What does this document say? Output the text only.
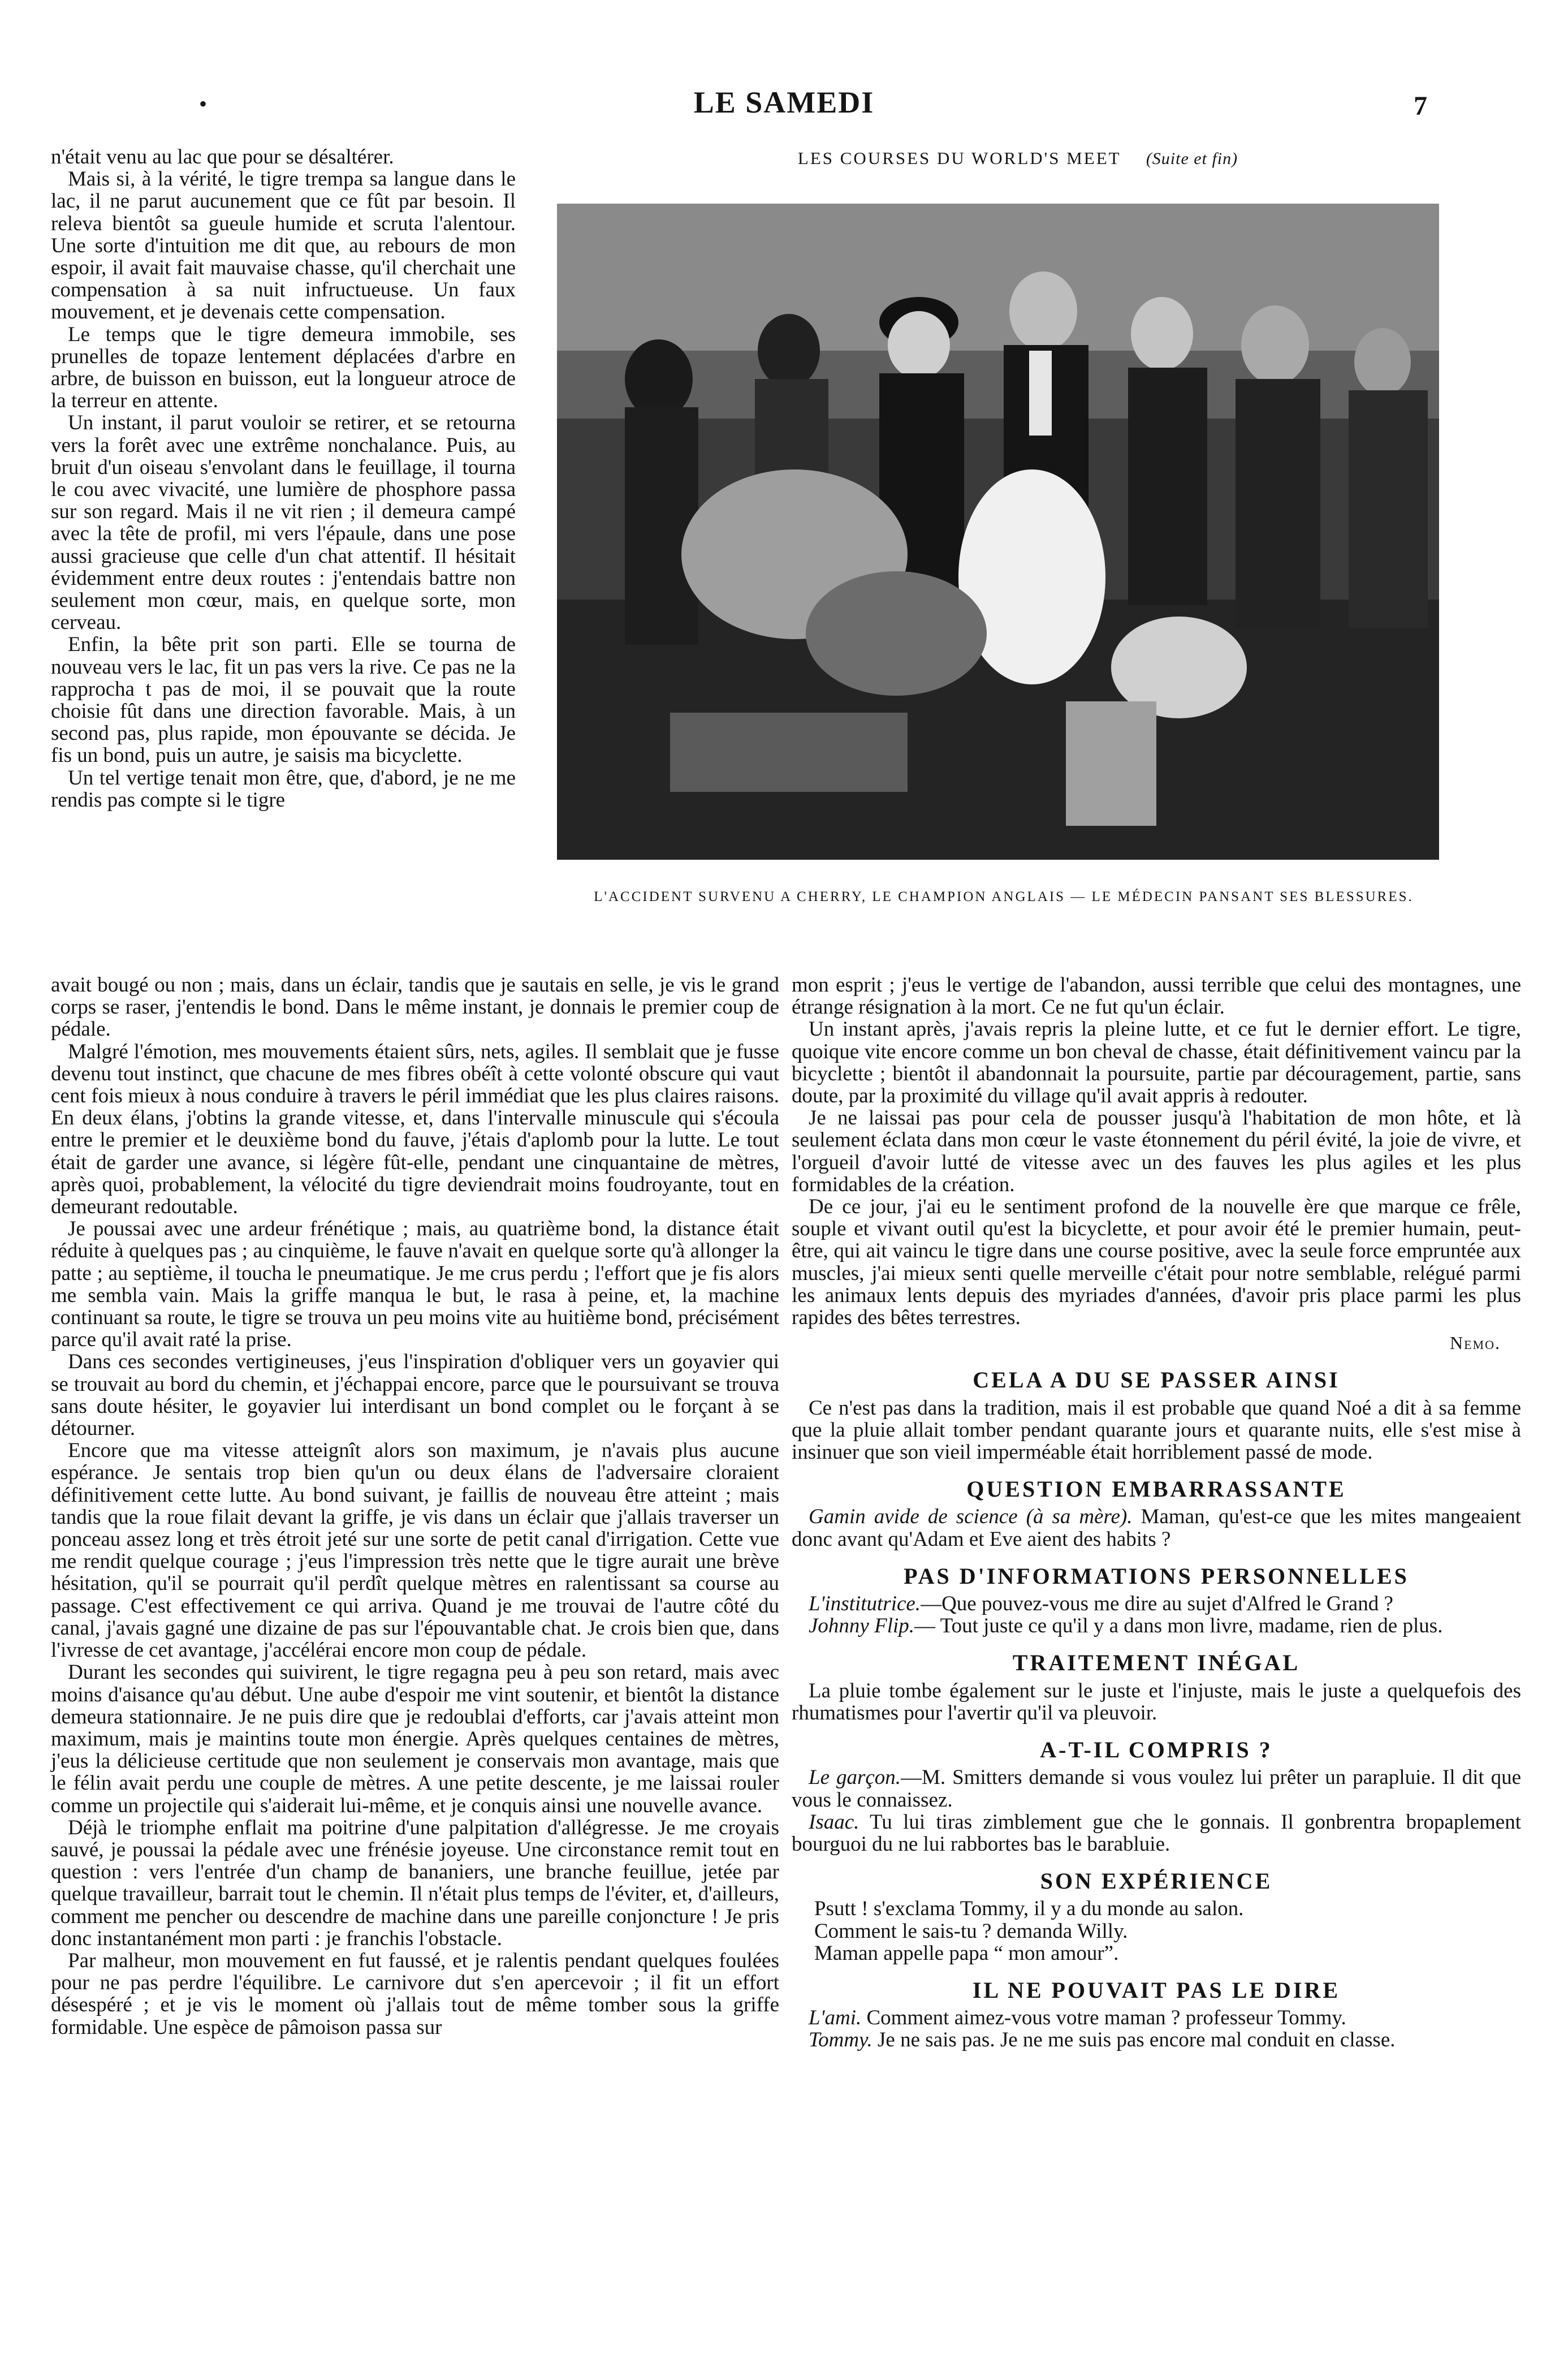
•	LE SAMEDI	7

n'était venu au lac que pour se désaltérer.

Mais si, à la vérité, le tigre trempa sa langue dans le lac, il ne parut aucunement que ce fût par besoin. Il releva bientôt sa gueule humide et scruta l'alentour. Une sorte d'intuition me dit que, au rebours de mon espoir, il avait fait mauvaise chasse, qu'il cherchait une compensation à sa nuit infructueuse. Un faux mouvement, et je devenais cette compensation.

Le temps que le tigre demeura immobile, ses prunelles de topaze lentement déplacées d'arbre en arbre, de buisson en buisson, eut la longueur atroce de la terreur en attente.

Un instant, il parut vouloir se retirer, et se retourna vers la forêt avec une extrême nonchalance. Puis, au bruit d'un oiseau s'envolant dans le feuillage, il tourna le cou avec vivacité, une lumière de phosphore passa sur son regard. Mais il ne vit rien ; il demeura campé avec la tête de profil, mi vers l'épaule, dans une pose aussi gracieuse que celle d'un chat attentif. Il hésitait évidemment entre deux routes : j'entendais battre non seulement mon cœur, mais, en quelque sorte, mon cerveau.

Enfin, la bête prit son parti. Elle se tourna de nouveau vers le lac, fit un pas vers la rive. Ce pas ne la rapprocha t pas de moi, il se pouvait que la route choisie fût dans une direction favorable. Mais, à un second pas, plus rapide, mon épouvante se décida. Je fis un bond, puis un autre, je saisis ma bicyclette.

Un tel vertige tenait mon être, que, d'abord, je ne me rendis pas compte si le tigre

LES COURSES DU WORLD'S MEET (Suite et fin)
L'ACCIDENT SURVENU A CHERRY, LE CHAMPION ANGLAIS — LE MÉDECIN PANSANT SES BLESSURES.

avait bougé ou non ; mais, dans un éclair, tandis que je sautais en selle, je vis le grand corps se raser, j'entendis le bond. Dans le même instant, je donnais le premier coup de pédale.

Malgré l'émotion, mes mouvements étaient sûrs, nets, agiles. Il semblait que je fusse devenu tout instinct, que chacune de mes fibres obéît à cette volonté obscure qui vaut cent fois mieux à nous conduire à travers le péril immédiat que les plus claires raisons. En deux élans, j'obtins la grande vitesse, et, dans l'intervalle minuscule qui s'écoula entre le premier et le deuxième bond du fauve, j'étais d'aplomb pour la lutte. Le tout était de garder une avance, si légère fût-elle, pendant une cinquantaine de mètres, après quoi, probablement, la vélocité du tigre deviendrait moins foudroyante, tout en demeurant redoutable.

Je poussai avec une ardeur frénétique ; mais, au quatrième bond, la distance était réduite à quelques pas ; au cinquième, le fauve n'avait en quelque sorte qu'à allonger la patte ; au septième, il toucha le pneumatique. Je me crus perdu ; l'effort que je fis alors me sembla vain. Mais la griffe manqua le but, le rasa à peine, et, la machine continuant sa route, le tigre se trouva un peu moins vite au huitième bond, précisément parce qu'il avait raté la prise.

Dans ces secondes vertigineuses, j'eus l'inspiration d'obliquer vers un goyavier qui se trouvait au bord du chemin, et j'échappai encore, parce que le poursuivant se trouva sans doute hésiter, le goyavier lui interdisant un bond complet ou le forçant à se détourner.

Encore que ma vitesse atteignît alors son maximum, je n'avais plus aucune espérance. Je sentais trop bien qu'un ou deux élans de l'adversaire cloraient définitivement cette lutte. Au bond suivant, je faillis de nouveau être atteint ; mais tandis que la roue filait devant la griffe, je vis dans un éclair que j'allais traverser un ponceau assez long et très étroit jeté sur une sorte de petit canal d'irrigation. Cette vue me rendit quelque courage ; j'eus l'impression très nette que le tigre aurait une brève hésitation, qu'il se pourrait qu'il perdît quelque mètres en ralentissant sa course au passage. C'est effectivement ce qui arriva. Quand je me trouvai de l'autre côté du canal, j'avais gagné une dizaine de pas sur l'épouvantable chat. Je crois bien que, dans l'ivresse de cet avantage, j'accélérai encore mon coup de pédale.

Durant les secondes qui suivirent, le tigre regagna peu à peu son retard, mais avec moins d'aisance qu'au début. Une aube d'espoir me vint soutenir, et bientôt la distance demeura stationnaire. Je ne puis dire que je redoublai d'efforts, car j'avais atteint mon maximum, mais je maintins toute mon énergie. Après quelques centaines de mètres, j'eus la délicieuse certitude que non seulement je conservais mon avantage, mais que le félin avait perdu une couple de mètres. A une petite descente, je me laissai rouler comme un projectile qui s'aiderait lui-même, et je conquis ainsi une nouvelle avance.

Déjà le triomphe enflait ma poitrine d'une palpitation d'allégresse. Je me croyais sauvé, je poussai la pédale avec une frénésie joyeuse. Une circonstance remit tout en question : vers l'entrée d'un champ de bananiers, une branche feuillue, jetée par quelque travailleur, barrait tout le chemin. Il n'était plus temps de l'éviter, et, d'ailleurs, comment me pencher ou descendre de machine dans une pareille conjoncture ! Je pris donc instantanément mon parti : je franchis l'obstacle.

Par malheur, mon mouvement en fut faussé, et je ralentis pendant quelques foulées pour ne pas perdre l'équilibre. Le carnivore dut s'en apercevoir ; il fit un effort désespéré ; et je vis le moment où j'allais tout de même tomber sous la griffe formidable. Une espèce de pâmoison passa sur

mon esprit ; j'eus le vertige de l'abandon, aussi terrible que celui des montagnes, une étrange résignation à la mort. Ce ne fut qu'un éclair.

Un instant après, j'avais repris la pleine lutte, et ce fut le dernier effort. Le tigre, quoique vite encore comme un bon cheval de chasse, était définitivement vaincu par la bicyclette ; bientôt il abandonnait la poursuite, partie par découragement, partie, sans doute, par la proximité du village qu'il avait appris à redouter.

Je ne laissai pas pour cela de pousser jusqu'à l'habitation de mon hôte, et là seulement éclata dans mon cœur le vaste étonnement du péril évité, la joie de vivre, et l'orgueil d'avoir lutté de vitesse avec un des fauves les plus agiles et les plus formidables de la création.

De ce jour, j'ai eu le sentiment profond de la nouvelle ère que marque ce frêle, souple et vivant outil qu'est la bicyclette, et pour avoir été le premier humain, peut-être, qui ait vaincu le tigre dans une course positive, avec la seule force empruntée aux muscles, j'ai mieux senti quelle merveille c'était pour notre semblable, relégué parmi les animaux lents depuis des myriades d'années, d'avoir pris place parmi les plus rapides des bêtes terrestres.

Nemo.
CELA A DU SE PASSER AINSI

Ce n'est pas dans la tradition, mais il est probable que quand Noé a dit à sa femme que la pluie allait tomber pendant quarante jours et quarante nuits, elle s'est mise à insinuer que son vieil imperméable était horriblement passé de mode.

QUESTION EMBARRASSANTE

Gamin avide de science (à sa mère). Maman, qu'est-ce que les mites mangeaient donc avant qu'Adam et Eve aient des habits ?

PAS D'INFORMATIONS PERSONNELLES

L'institutrice.—Que pouvez-vous me dire au sujet d'Alfred le Grand ?

Johnny Flip.— Tout juste ce qu'il y a dans mon livre, madame, rien de plus.

TRAITEMENT INÉGAL

La pluie tombe également sur le juste et l'injuste, mais le juste a quelquefois des rhumatismes pour l'avertir qu'il va pleuvoir.

A-T-IL COMPRIS ?

Le garçon.—M. Smitters demande si vous voulez lui prêter un parapluie. Il dit que vous le connaissez.

Isaac. Tu lui tiras zimblement gue che le gonnais. Il gonbrentra bropaplement bourguoi du ne lui rabbortes bas le barabluie.

SON EXPÉRIENCE

Psutt ! s'exclama Tommy, il y a du monde au salon.

Comment le sais-tu ? demanda Willy.

Maman appelle papa “ mon amour”.

IL NE POUVAIT PAS LE DIRE

L'ami. Comment aimez-vous votre maman ? professeur Tommy.

Tommy. Je ne sais pas. Je ne me suis pas encore mal conduit en classe.
